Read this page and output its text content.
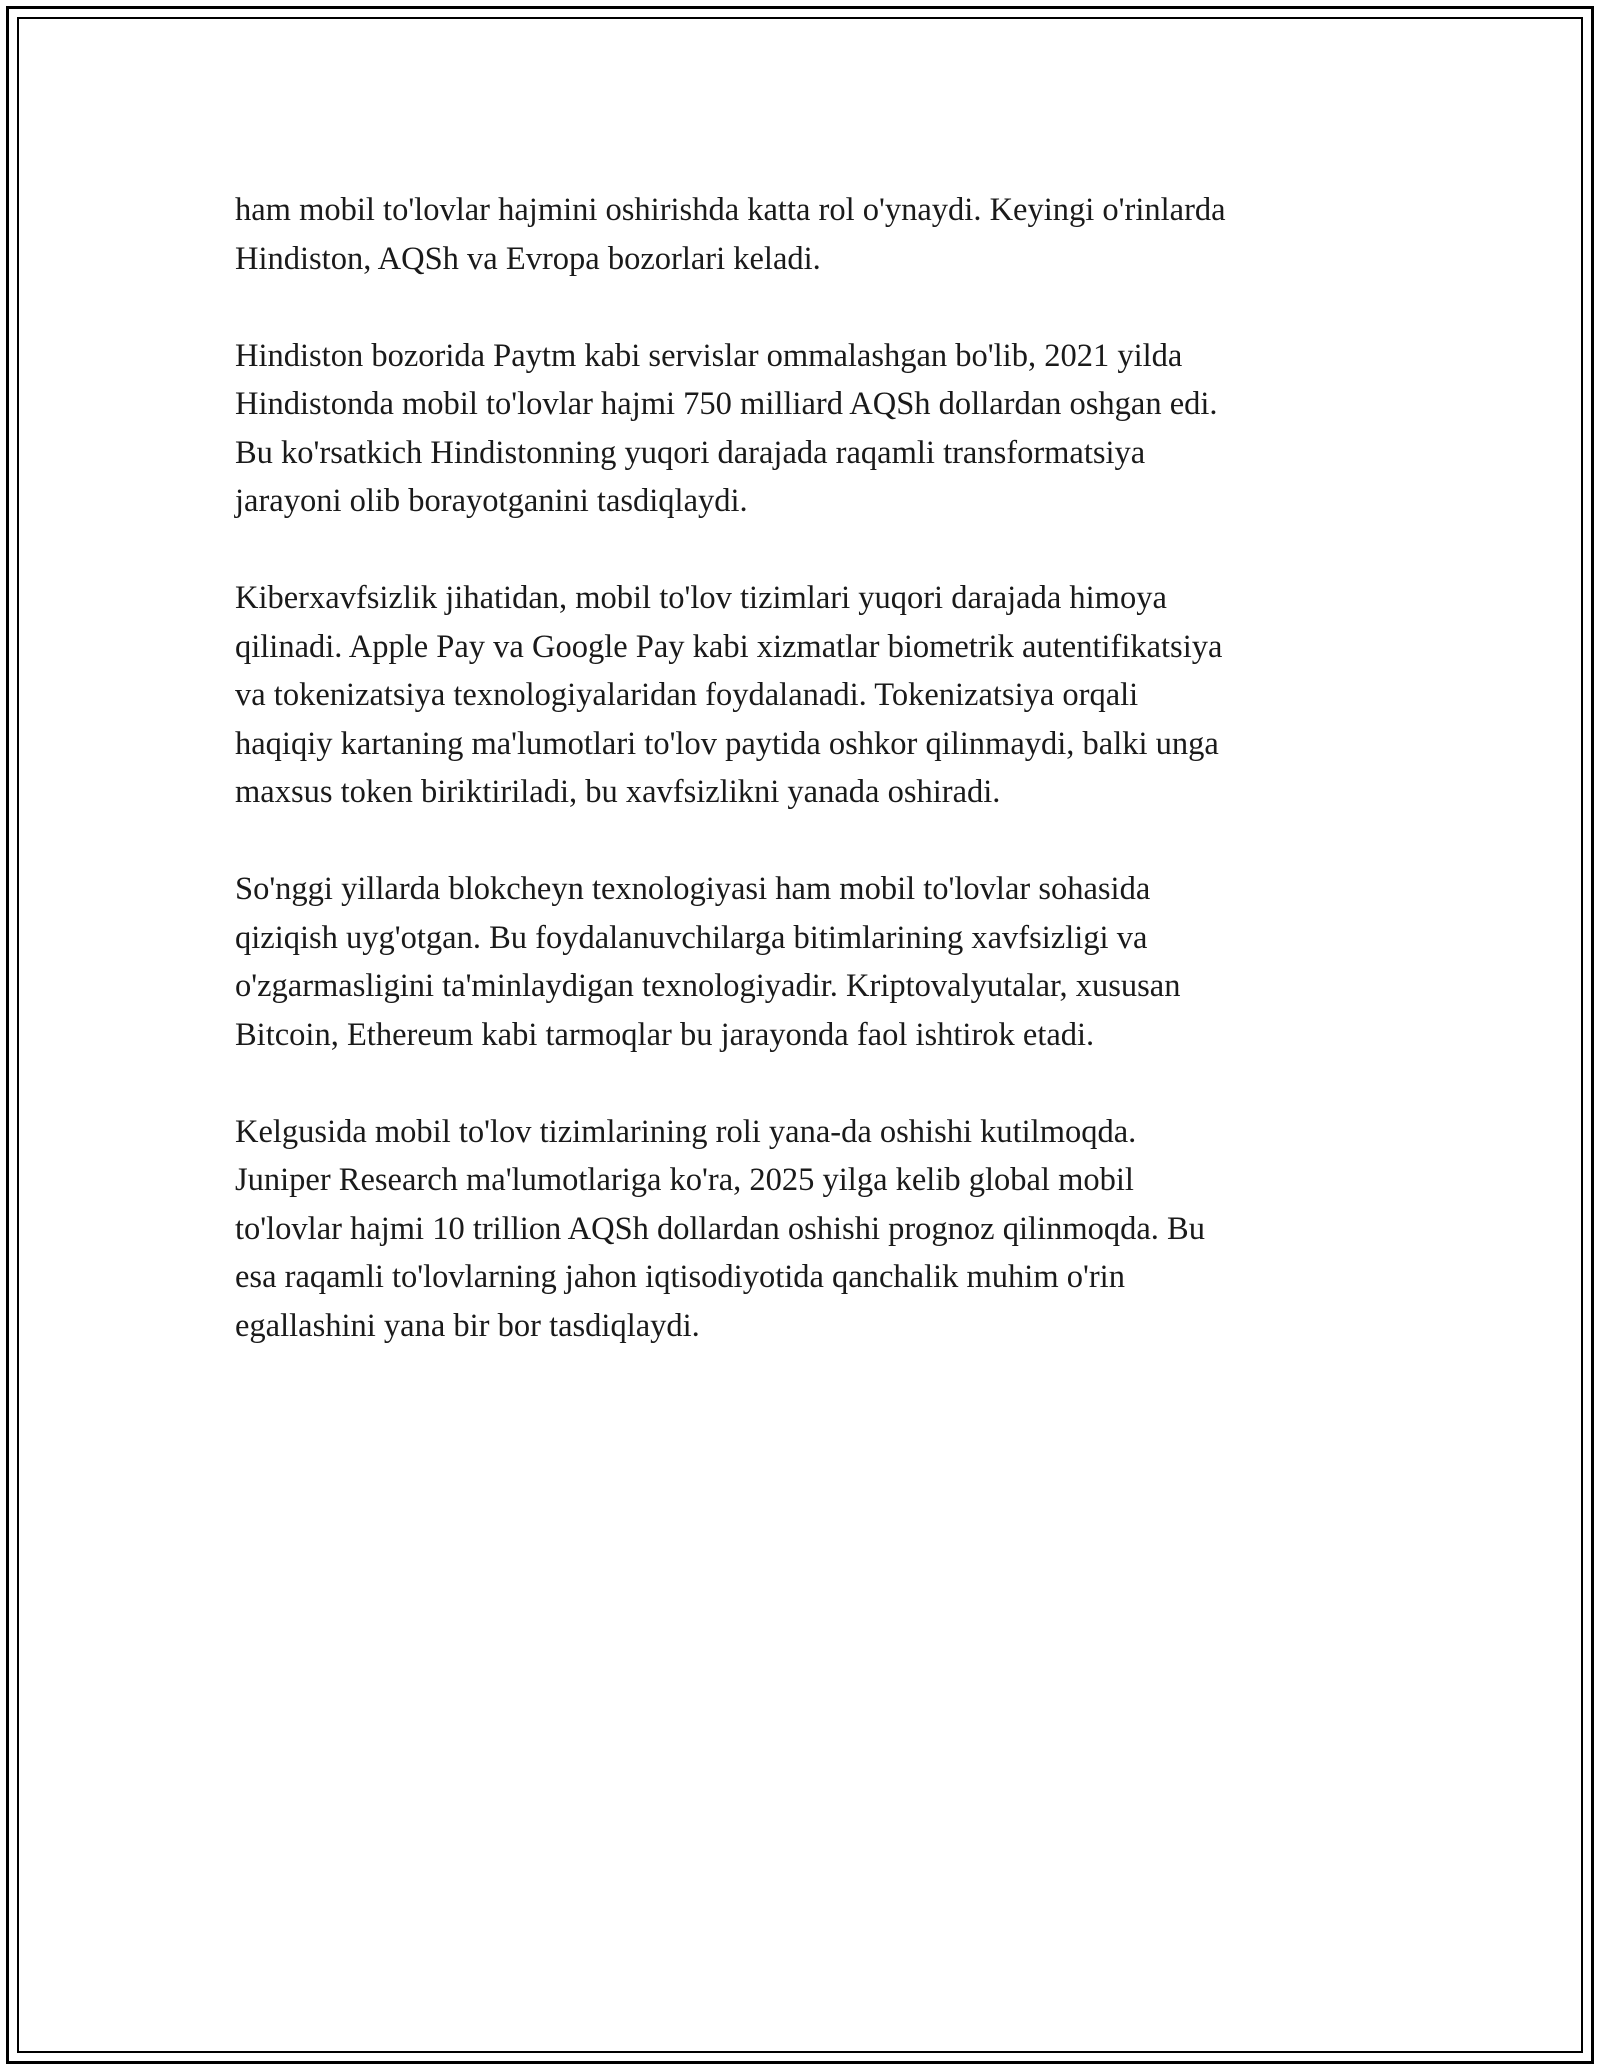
ham mobil to'lovlar hajmini oshirishda katta rol o'ynaydi. Keyingi o'rinlarda
Hindiston, AQSh va Evropa bozorlari keladi.

Hindiston bozorida Paytm kabi servislar ommalashgan bo'lib, 2021 yilda
Hindistonda mobil to'lovlar hajmi 750 milliard AQSh dollardan oshgan edi.
Bu ko'rsatkich Hindistonning yuqori darajada raqamli transformatsiya
jarayoni olib borayotganini tasdiqlaydi.

Kiberxavfsizlik jihatidan, mobil to'lov tizimlari yuqori darajada himoya
qilinadi. Apple Pay va Google Pay kabi xizmatlar biometrik autentifikatsiya
va tokenizatsiya texnologiyalaridan foydalanadi. Tokenizatsiya orqali
haqiqiy kartaning ma'lumotlari to'lov paytida oshkor qilinmaydi, balki unga
maxsus token biriktiriladi, bu xavfsizlikni yanada oshiradi.

So'nggi yillarda blokcheyn texnologiyasi ham mobil to'lovlar sohasida
qiziqish uyg'otgan. Bu foydalanuvchilarga bitimlarining xavfsizligi va
o'zgarmasligini ta'minlaydigan texnologiyadir. Kriptovalyutalar, xususan
Bitcoin, Ethereum kabi tarmoqlar bu jarayonda faol ishtirok etadi.

Kelgusida mobil to'lov tizimlarining roli yana-da oshishi kutilmoqda.
Juniper Research ma'lumotlariga ko'ra, 2025 yilga kelib global mobil
to'lovlar hajmi 10 trillion AQSh dollardan oshishi prognoz qilinmoqda. Bu
esa raqamli to'lovlarning jahon iqtisodiyotida qanchalik muhim o'rin
egallashini yana bir bor tasdiqlaydi.
